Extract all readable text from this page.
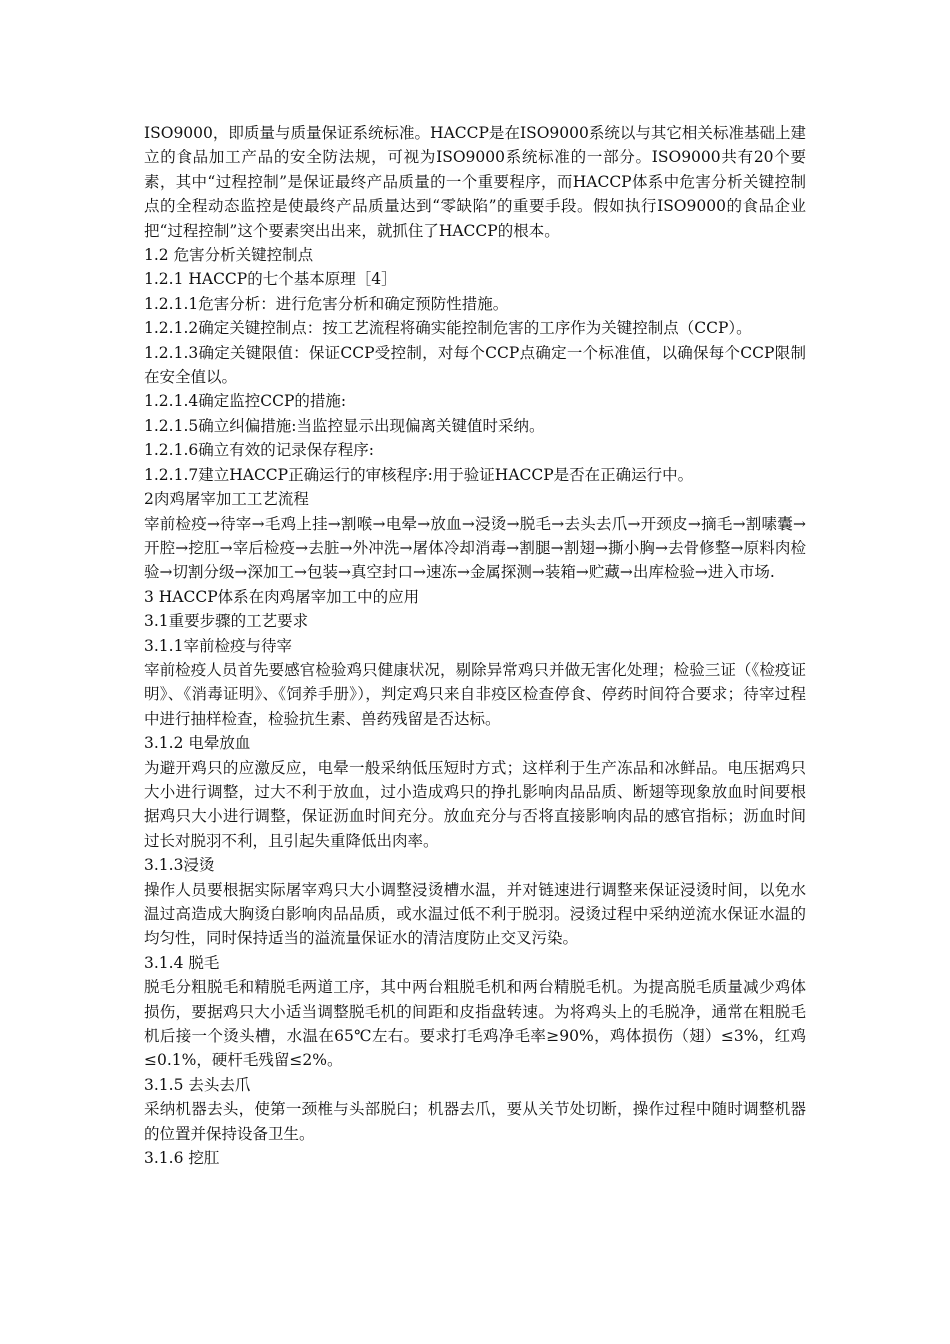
ISO9000，即质量与质量保证系统标准。HACCP是在ISO9000系统以与其它相关标准基础上建立的食品加工产品的安全防法规，可视为ISO9000系统标准的一部分。ISO9000共有20个要素，其中“过程控制”是保证最终产品质量的一个重要程序，而HACCP体系中危害分析关键控制点的全程动态监控是使最终产品质量达到“零缺陷”的重要手段。假如执行ISO9000的食品企业把“过程控制”这个要素突出出来，就抓住了HACCP的根本。

1.2 危害分析关键控制点

1.2.1 HACCP的七个基本原理［4］

1.2.1.1危害分析：进行危害分析和确定预防性措施。

1.2.1.2确定关键控制点：按工艺流程将确实能控制危害的工序作为关键控制点（CCP）。

1.2.1.3确定关键限值：保证CCP受控制，对每个CCP点确定一个标准值，以确保每个CCP限制在安全值以。

1.2.1.4确定监控CCP的措施:

1.2.1.5确立纠偏措施:当监控显示出现偏离关键值时采纳。

1.2.1.6确立有效的记录保存程序:

1.2.1.7建立HACCP正确运行的审核程序:用于验证HACCP是否在正确运行中。

2肉鸡屠宰加工工艺流程

宰前检疫→待宰→毛鸡上挂→割喉→电晕→放血→浸烫→脱毛→去头去爪→开颈皮→摘毛→割嗉囊→开腔→挖肛→宰后检疫→去脏→外冲洗→屠体冷却消毒→割腿→割翅→撕小胸→去骨修整→原料肉检验→切割分级→深加工→包装→真空封口→速冻→金属探测→装箱→贮藏→出库检验→进入市场.

3 HACCP体系在肉鸡屠宰加工中的应用

3.1重要步骤的工艺要求

3.1.1宰前检疫与待宰

宰前检疫人员首先要感官检验鸡只健康状况，剔除异常鸡只并做无害化处理；检验三证（《检疫证明》、《消毒证明》、《饲养手册》），判定鸡只来自非疫区检查停食、停药时间符合要求；待宰过程中进行抽样检查，检验抗生素、兽药残留是否达标。

3.1.2 电晕放血

为避开鸡只的应激反应，电晕一般采纳低压短时方式；这样利于生产冻品和冰鲜品。电压据鸡只大小进行调整，过大不利于放血，过小造成鸡只的挣扎影响肉品品质、断翅等现象放血时间要根据鸡只大小进行调整，保证沥血时间充分。放血充分与否将直接影响肉品的感官指标；沥血时间过长对脱羽不利，且引起失重降低出肉率。

3.1.3浸烫

操作人员要根据实际屠宰鸡只大小调整浸烫槽水温，并对链速进行调整来保证浸烫时间，以免水温过高造成大胸烫白影响肉品品质，或水温过低不利于脱羽。浸烫过程中采纳逆流水保证水温的均匀性，同时保持适当的溢流量保证水的清洁度防止交叉污染。

3.1.4 脱毛

脱毛分粗脱毛和精脱毛两道工序，其中两台粗脱毛机和两台精脱毛机。为提高脱毛质量减少鸡体损伤，要据鸡只大小适当调整脱毛机的间距和皮指盘转速。为将鸡头上的毛脱净，通常在粗脱毛机后接一个烫头槽，水温在65℃左右。要求打毛鸡净毛率≥90%，鸡体损伤（翅）≤3%，红鸡≤0.1%，硬杆毛残留≤2%。

3.1.5 去头去爪

采纳机器去头，使第一颈椎与头部脱臼；机器去爪，要从关节处切断，操作过程中随时调整机器的位置并保持设备卫生。

3.1.6 挖肛
